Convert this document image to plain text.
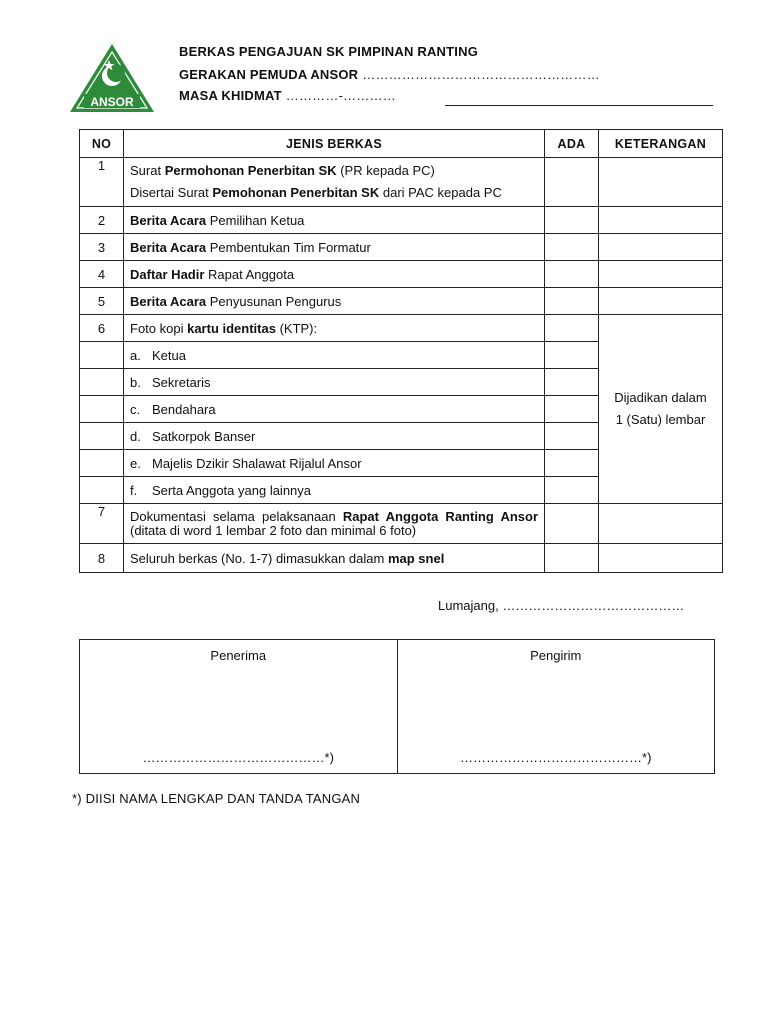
ANSOR
BERKAS PENGAJUAN SK PIMPINAN RANTING
GERAKAN PEMUDA ANSOR ………………………………………………
MASA KHIDMAT …………-…………
NO	JENIS BERKAS	ADA	KETERANGAN
1	Surat Permohonan Penerbitan SK (PR kepada PC)
Disertai Surat Pemohonan Penerbitan SK dari PAC kepada PC		

2	Berita Acara Pemilihan Ketua		
3	Berita Acara Pembentukan Tim Formatur		
4	Daftar Hadir Rapat Anggota		
5	Berita Acara Penyusunan Pengurus		
6	Foto kopi kartu identitas (KTP):		Dijadikan dalam
1 (Satu) lembar

	a. Ketua		
	b. Sekretaris		
	c. Bendahara		
	d. Satkorpok Banser		
	e. Majelis Dzikir Shalawat Rijalul Ansor		
	f. Serta Anggota yang lainnya		
7	Dokumentasi selama pelaksanaan Rapat Anggota Ranting Ansor (ditata di word 1 lembar 2 foto dan minimal 6 foto)		
8	Seluruh berkas (No. 1-7) dimasukkan dalam map snel		
Lumajang, ……………………………………
Penerima
……………………………………*)

Pengirim
……………………………………*)
*) DIISI NAMA LENGKAP DAN TANDA TANGAN
